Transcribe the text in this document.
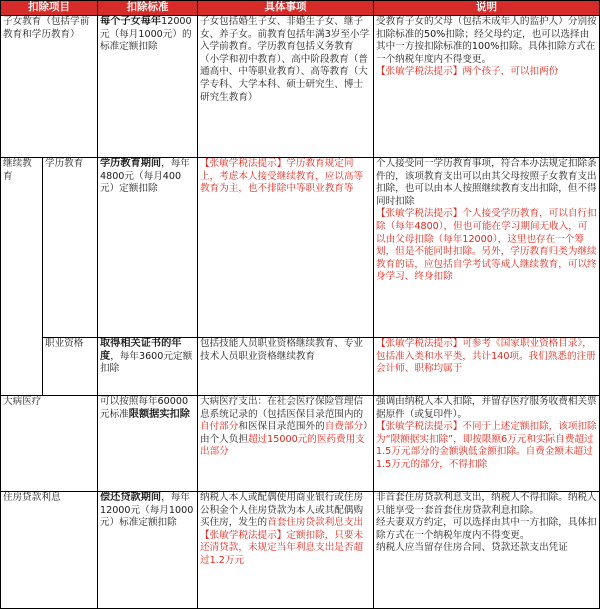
扣除项目		扣除标准	具体事项	说明
子女教育（包括学前教育和学历教育）		每个子女每年12000元（每月1000元）的标准定额扣除	子女包括婚生子女、非婚生子女、继子女、养子女。前教育包括年满3岁至小学入学前教育。学历教育包括义务教育（小学和初中教育）、高中阶段教育（普通高中、中等职业教育）、高等教育（大学专科、大学本科、硕士研究生、博士研究生教育）	受教育子女的父母（包括未成年人的监护人）分别按扣除标准的50%扣除；经父母约定，也可以选择由其中一方按扣除标准的100%扣除。具体扣除方式在一个纳税年度内不得变更。
【张敏学税法提示】两个孩子，可以扣两份
继续教育	学历教育	学历教育期间，每年4800元（每月400元）定额扣除	【张敏学税法提示】学历教育规定同上，考虑本人接受继续教育，应以高等教育为主，也不排除中等职业教育等	个人接受同一学历教育事项，符合本办法规定扣除条件的，该项教育支出可以由其父母按照子女教育支出扣除，也可以由本人按照继续教育支出扣除，但不得同时扣除
【张敏学税法提示】个人接受学历教育，可以自行扣除（每年4800），但也可能在学习期间无收入，可以由父母扣除（每年12000），这里也存在一个筹划，但是不能同时扣除。另外，学历教育归类为继续教育的话，应包括自学考试等成人继续教育，可以终身学习、终身扣除
	职业资格	取得相关证书的年度，每年3600元定额扣除	包括技能人员职业资格继续教育、专业技术人员职业资格继续教育	【张敏学税法提示】可参考《国家职业资格目录》，包括准入类和水平类，共计140项。我们熟悉的注册会计师、职称均属于
大病医疗		可以按照每年60000元标准限额据实扣除	大病医疗支出：在社会医疗保险管理信息系统记录的（包括医保目录范围内的自付部分和医保目录范围外的自费部分）由个人负担超过15000元的医药费用支出部分	强调由纳税人本人扣除，并留存医疗服务收费相关票据原件（或复印件）。
【张敏学税法提示】不同于上述定额扣除，该项扣除为“限额据实扣除”，即按限额6万元和实际自费超过1.5万元部分的金额孰低金额扣除。自费金额未超过1.5万元的部分，不得扣除
住房贷款利息		偿还贷款期间，每年12000元（每月1000元）标准定额扣除	纳税人本人或配偶使用商业银行或住房公积金个人住房贷款为本人或其配偶购买住房，发生的首套住房贷款利息支出【张敏学税法提示】定额扣除，只要未还清贷款，未规定当年利息支出是否超过1.2万元	非首套住房贷款利息支出，纳税人不得扣除。纳税人只能享受一套首套住房贷款利息扣除。
经夫妻双方约定，可以选择由其中一方扣除，具体扣除方式在一个纳税年度内不得变更。
纳税人应当留存住房合同、贷款还款支出凭证
